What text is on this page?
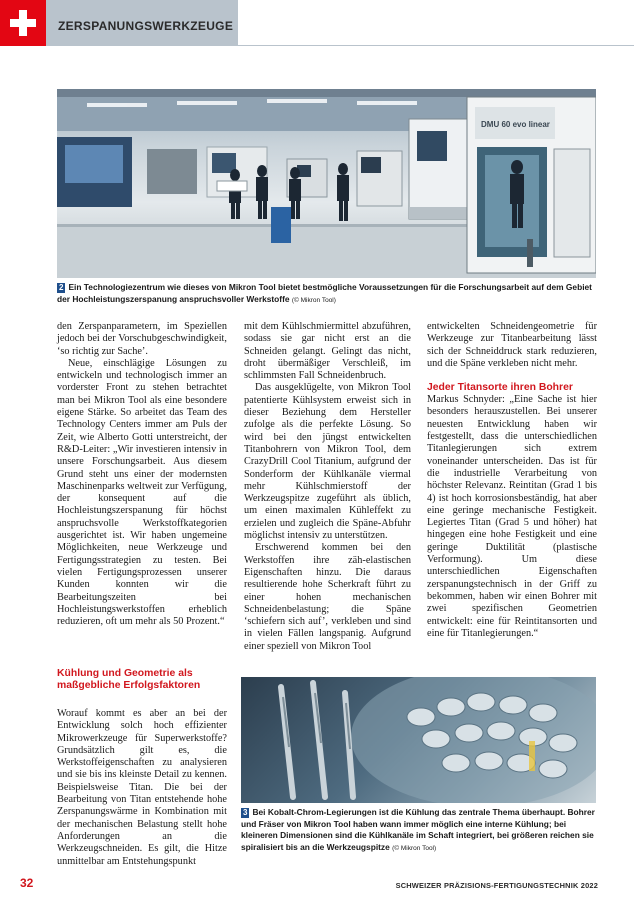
ZERSPANUNGSWERKZEUGE
DMU 60 evo linear
2 Ein Technologiezentrum wie dieses von Mikron Tool bietet bestmögliche Voraussetzungen für die Forschungsarbeit auf dem Gebiet der Hochleistungszerspanung anspruchsvoller Werkstoffe (© Mikron Tool)

den Zerspanparametern, im Speziellen jedoch bei der Vorschubgeschwindigkeit, ‘so richtig zur Sache’.

Neue, einschlägige Lösungen zu entwickeln und technologisch immer an vorderster Front zu stehen betrachtet man bei Mikron Tool als eine besondere eigene Stärke. So arbeitet das Team des Technology Centers immer am Puls der Zeit, wie Alberto Gotti unterstreicht, der R&D-Leiter: „Wir investieren intensiv in unsere Forschungsarbeit. Aus diesem Grund steht uns einer der modernsten Maschinenparks weltweit zur Verfügung, der konsequent auf die Hochleistungszerspanung für höchst anspruchsvolle Werkstoffkategorien ausgerichtet ist. Wir haben ungemeine Möglichkeiten, neue Werkzeuge und Fertigungsstrategien zu testen. Bei vielen Fertigungsprozessen unserer Kunden konnten wir die Bearbeitungszeiten bei Hochleistungswerkstoffen erheblich reduzieren, oft um mehr als 50 Prozent.“

Kühlung und Geometrie als maßgebliche Erfolgsfaktoren

Worauf kommt es aber an bei der Entwicklung solch hoch effizienter Mikrowerkzeuge für Superwerkstoffe? Grundsätzlich gilt es, die Werkstoffeigenschaften zu analysieren und sie bis ins kleinste Detail zu kennen. Beispielsweise Titan. Die bei der Bearbeitung von Titan entstehende hohe Zerspanungswärme in Kombination mit der mechanischen Belastung stellt hohe Anforderungen an die Werkzeugschneiden. Es gilt, die Hitze unmittelbar am Entstehungspunkt

mit dem Kühlschmiermittel abzuführen, sodass sie gar nicht erst an die Schneiden gelangt. Gelingt das nicht, droht übermäßiger Verschleiß, im schlimmsten Fall Schneidenbruch.

Das ausgeklügelte, von Mikron Tool patentierte Kühlsystem erweist sich in dieser Beziehung dem Hersteller zufolge als die perfekte Lösung. So wird bei den jüngst entwickelten Titanbohrern von Mikron Tool, dem CrazyDrill Cool Titanium, aufgrund der Sonderform der Kühlkanäle viermal mehr Kühlschmierstoff der Werkzeugspitze zugeführt als üblich, um einen maximalen Kühleffekt zu erzielen und zugleich die Späne-Abfuhr möglichst intensiv zu unterstützen.

Erschwerend kommen bei den Werkstoffen ihre zäh-elastischen Eigenschaften hinzu. Die daraus resultierende hohe Scherkraft führt zu einer hohen mechanischen Schneidenbelastung; die Späne ‘schiefern sich auf’, verkleben und sind in vielen Fällen langspanig. Aufgrund einer speziell von Mikron Tool

entwickelten Schneidengeometrie für Werkzeuge zur Titanbearbeitung lässt sich der Schneiddruck stark reduzieren, und die Späne verkleben nicht mehr.

Jeder Titansorte ihren Bohrer

Markus Schnyder: „Eine Sache ist hier besonders herauszustellen. Bei unserer neuesten Entwicklung haben wir festgestellt, dass die unterschiedlichen Titanlegierungen sich extrem voneinander unterscheiden. Das ist für die industrielle Verarbeitung von höchster Relevanz. Reintitan (Grad 1 bis 4) ist hoch korrosionsbeständig, hat aber eine geringe mechanische Festigkeit. Legiertes Titan (Grad 5 und höher) hat hingegen eine hohe Festigkeit und eine geringe Duktilität (plastische Verformung). Um diese unterschiedlichen Eigenschaften zerspanungstechnisch in der Griff zu bekommen, haben wir einen Bohrer mit zwei spezifischen Geometrien entwickelt: eine für Reintitansorten und eine für Titanlegierungen.“

3 Bei Kobalt-Chrom-Legierungen ist die Kühlung das zentrale Thema überhaupt. Bohrer und Fräser von Mikron Tool haben wann immer möglich eine interne Kühlung; bei kleineren Dimensionen sind die Kühlkanäle im Schaft integriert, bei größeren reichen sie spiralisiert bis an die Werkzeugspitze (© Mikron Tool)
32	SCHWEIZER PRÄZISIONS-FERTIGUNGSTECHNIK 2022
